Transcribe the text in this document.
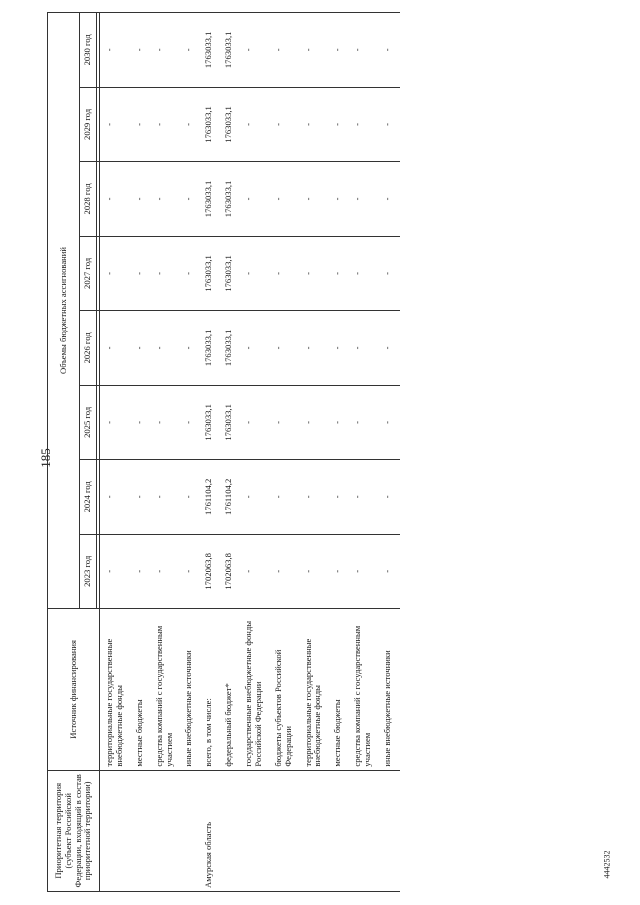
185
4442532
Приоритетная территория (субъект Российской Федерации, входящий в состав приоритетной территории)	Источник финансирования	Объемы бюджетных ассигнований							
		2023 год	2024 год	2025 год	2026 год	2027 год	2028 год	2029 год	2030 год

	территориальные государственные внебюджетные фонды	-	-	-	-	-	-	-	-
	местные бюджеты	-	-	-	-	-	-	-	-
	средства компаний с государственным участием	-	-	-	-	-	-	-	-
	иные внебюджетные источники	-	-	-	-	-	-	-	-
Амурская область	всего, в том числе:	1702063,8	1761104,2	1763033,1	1763033,1	1763033,1	1763033,1	1763033,1	1763033,1
	федеральный бюджет*	1702063,8	1761104,2	1763033,1	1763033,1	1763033,1	1763033,1	1763033,1	1763033,1
	государственные внебюджетные фонды Российской Федерации	-	-	-	-	-	-	-	-
	бюджеты субъектов Российской Федерации	-	-	-	-	-	-	-	-
	территориальные государственные внебюджетные фонды	-	-	-	-	-	-	-	-
	местные бюджеты	-	-	-	-	-	-	-	-
	средства компаний с государственным участием	-	-	-	-	-	-	-	-
	иные внебюджетные источники	-	-	-	-	-	-	-	-
